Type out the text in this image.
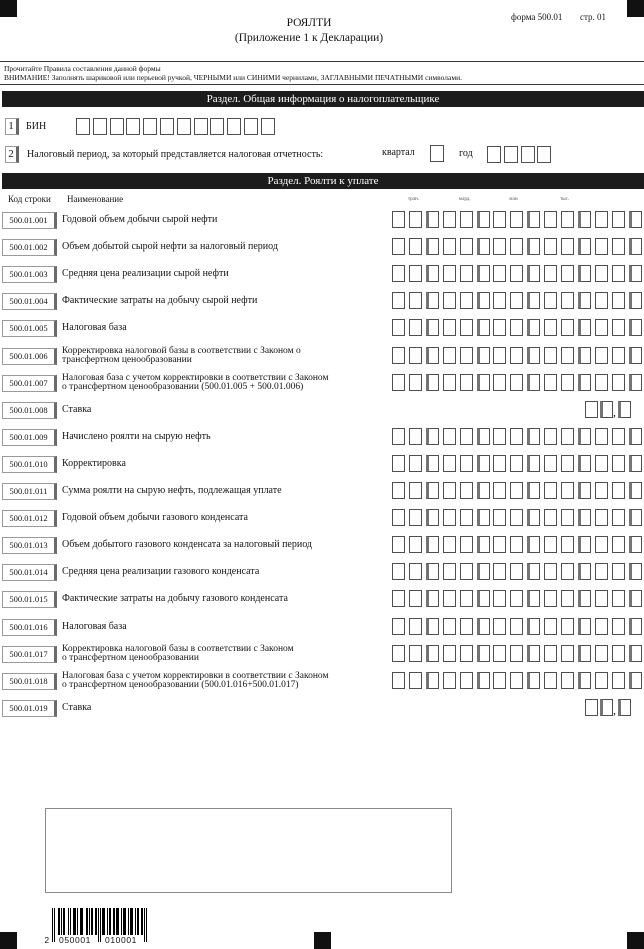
РОЯЛТИ
(Приложение 1 к Декларации)
форма 500.01 стр. 01
Прочитайте Правила составления данной формы
ВНИМАНИЕ! Заполнять шариковой или перьевой ручкой, ЧЕРНЫМИ или СИНИМИ чернилами, ЗАГЛАВНЫМИ ПЕЧАТНЫМИ символами.
Раздел. Общая информация о налогоплательщике
1	БИН
2	Налоговый период, за который представляется налоговая отчетность:	квартал	год
Раздел. Роялти к уплате
Код строки Наименование	трлн.	млрд.	млн	тыс.
500.01.001	Годовой объем добычи сырой нефти
500.01.002	Объем добытой сырой нефти за налоговый период
500.01.003	Средняя цена реализации сырой нефти
500.01.004	Фактические затраты на добычу сырой нефти
500.01.005	Налоговая база
500.01.006	Корректировка налоговой базы в соответствии с Законом о
трансфертном ценообразовании
500.01.007	Налоговая база с учетом корректировки в соответствии с Законом
о трансфертном ценообразовании (500.01.005 + 500.01.006)
500.01.008	Ставка	,
500.01.009	Начислено роялти на сырую нефть
500.01.010	Корректировка
500.01.011	Сумма роялти на сырую нефть, подлежащая уплате
500.01.012	Годовой объем добычи газового конденсата
500.01.013	Объем добытого газового конденсата за налоговый период
500.01.014	Средняя цена реализации газового конденсата
500.01.015	Фактические затраты на добычу газового конденсата
500.01.016	Налоговая база
500.01.017	Корректировка налоговой базы в соответствии с Законом
о трансфертном ценообразовании
500.01.018	Налоговая база с учетом корректировки в соответствии с Законом
о трансфертном ценообразовании (500.01.016+500.01.017)
500.01.019	Ставка	,
2	050001	010001
